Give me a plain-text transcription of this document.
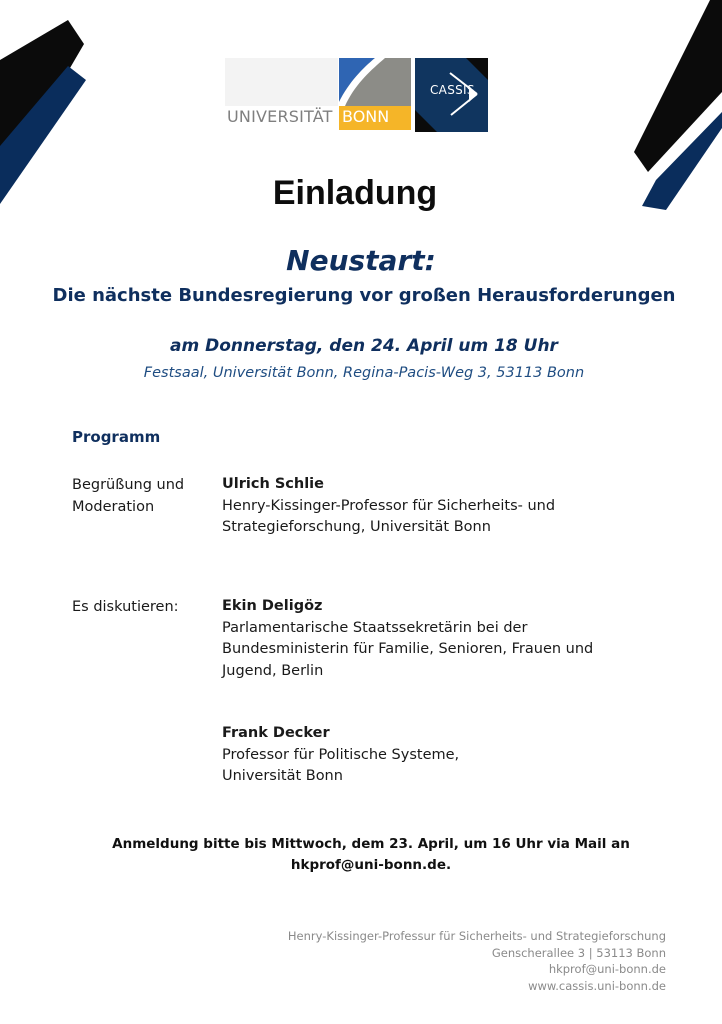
UNIVERSITÄT BONN
CASSIS
Einladung
Neustart:
Die nächste Bundesregierung vor großen Herausforderungen
am Donnerstag, den 24. April um 18 Uhr
Festsaal, Universität Bonn, Regina-Pacis-Weg 3, 53113 Bonn
Programm
Begrüßung und
Moderation
Ulrich Schlie
Henry-Kissinger-Professor für Sicherheits- und
Strategieforschung, Universität Bonn
Es diskutieren:	Ekin Deligöz
Parlamentarische Staatssekretärin bei der
Bundesministerin für Familie, Senioren, Frauen und
Jugend, Berlin
Frank Decker
Professor für Politische Systeme,
Universität Bonn
Anmeldung bitte bis Mittwoch, dem 23. April, um 16 Uhr via Mail an
hkprof@uni-bonn.de.
Henry-Kissinger-Professur für Sicherheits- und Strategieforschung
Genscherallee 3 | 53113 Bonn
hkprof@uni-bonn.de
www.cassis.uni-bonn.de
